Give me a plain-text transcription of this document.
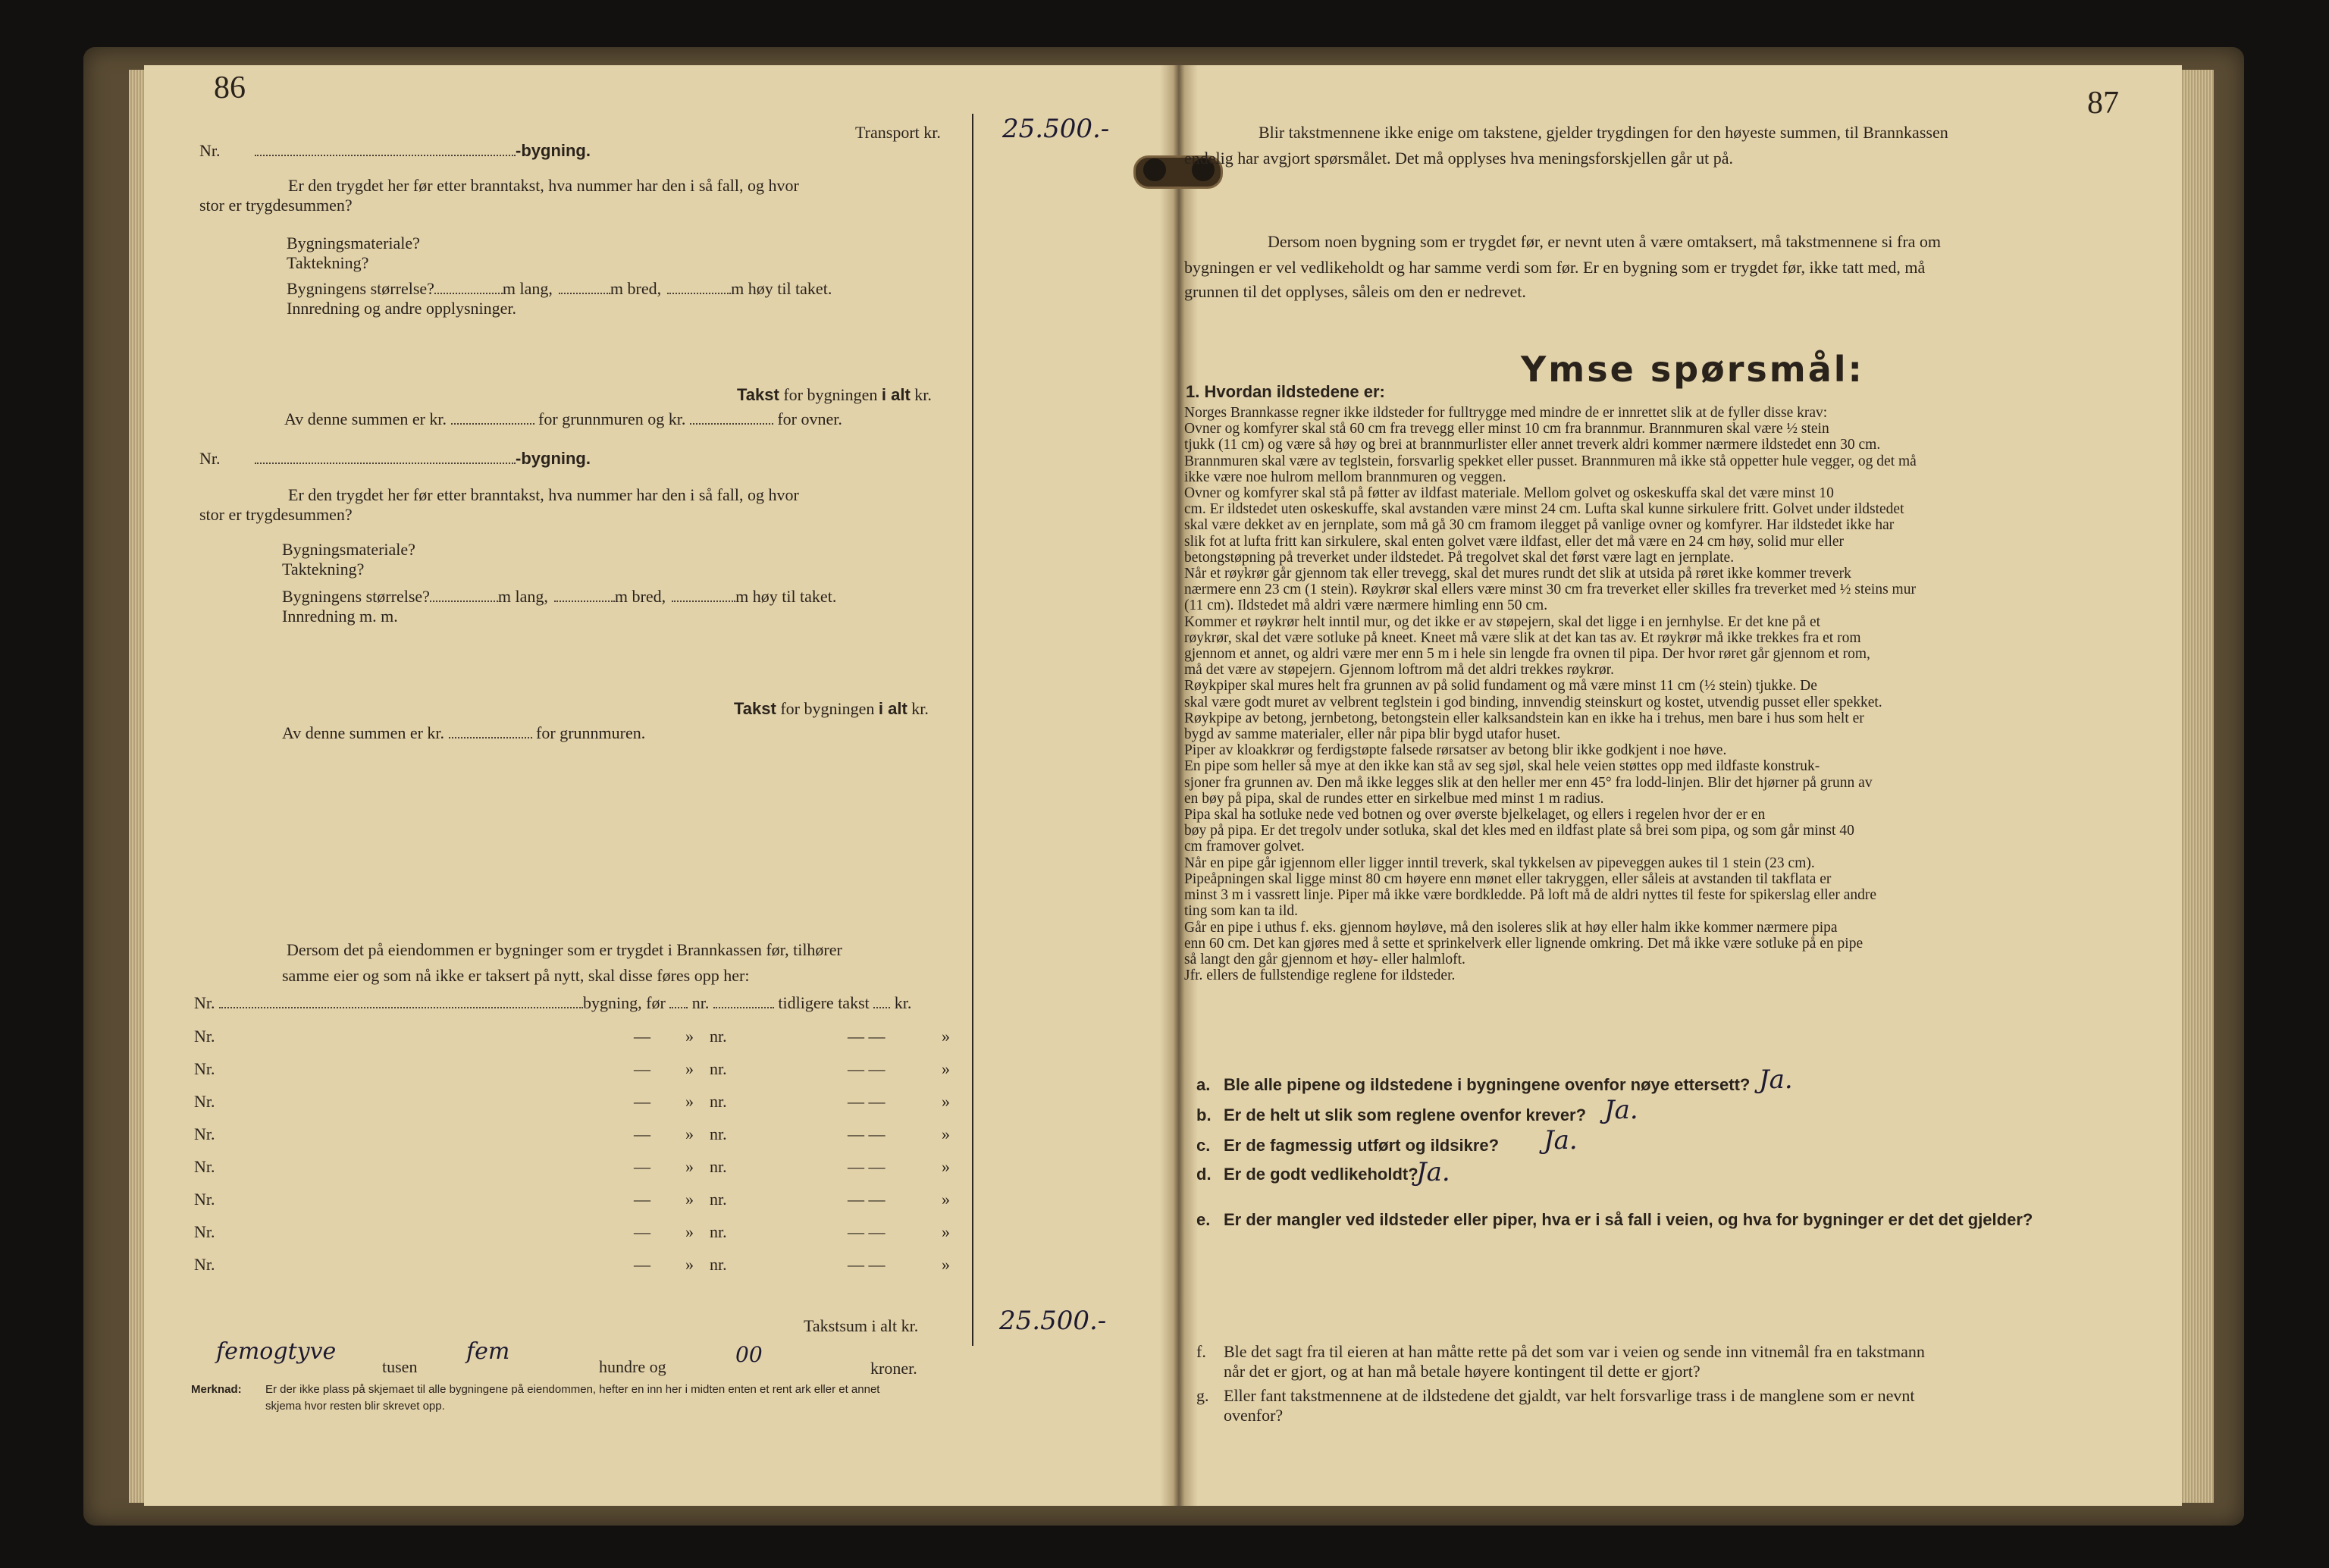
86
Transport kr. 25.500.-
Nr.	-bygning.
Er den trygdet her før etter branntakst, hva nummer har den i så fall, og hvor
stor er trygdesummen?
Bygningsmateriale?
Taktekning?
Bygningens størrelse?	m lang,	m bred,	m høy til taket.
Innredning og andre opplysninger.
Takst for bygningen i alt kr.
Av denne summen er kr.	for grunnmuren og kr.	for ovner.
Nr.	-bygning.
Er den trygdet her før etter branntakst, hva nummer har den i så fall, og hvor
stor er trygdesummen?
Bygningsmateriale?
Taktekning?
Bygningens størrelse?	m lang,	m bred,	m høy til taket.
Innredning m. m.
Takst for bygningen i alt kr.
Av denne summen er kr.	for grunnmuren.
Dersom det på eiendommen er bygninger som er trygdet i Brannkassen før, tilhører
samme eier og som nå ikke er taksert på nytt, skal disse føres opp her:
Nr.	bygning, før nr.	tidligere takst kr.
Nr.	— » nr.	— —	»
Nr.	— » nr.	— —	»
Nr.	— » nr.	— —	»
Nr.	— » nr.	— —	»
Nr.	— » nr.	— —	»
Nr.	— » nr.	— —	»
Nr.	— » nr.	— —	»
Nr.	— » nr.	— —	»
Takstsum i alt kr.	25.500.-
femogtyve
tusen
fem
hundre og	00
kroner.
Merknad: Er der ikke plass på skjemaet til alle bygningene på eiendommen, hefter en inn her i midten enten et rent ark eller et annet
skjema hvor resten blir skrevet opp.
87
Blir takstmennene ikke enige om takstene, gjelder trygdingen for den høyeste summen, til Brannkassen
endelig har avgjort spørsmålet. Det må opplyses hva meningsforskjellen går ut på.
Dersom noen bygning som er trygdet før, er nevnt uten å være omtaksert, må takstmennene si fra om
bygningen er vel vedlikeholdt og har samme verdi som før. Er en bygning som er trygdet før, ikke tatt med, må
grunnen til det opplyses, såleis om den er nedrevet.
Ymse spørsmål:
1. Hvordan ildstedene er:
Norges Brannkasse regner ikke ildsteder for fulltrygge med mindre de er innrettet slik at de fyller disse krav:
Ovner og komfyrer skal stå 60 cm fra trevegg eller minst 10 cm fra brannmur. Brannmuren skal være ½ stein
tjukk (11 cm) og være så høy og brei at brannmurlister eller annet treverk aldri kommer nærmere ildstedet enn 30 cm.
Brannmuren skal være av teglstein, forsvarlig spekket eller pusset. Brannmuren må ikke stå oppetter hule vegger, og det må
ikke være noe hulrom mellom brannmuren og veggen.
Ovner og komfyrer skal stå på føtter av ildfast materiale. Mellom golvet og oskeskuffa skal det være minst 10
cm. Er ildstedet uten oskeskuffe, skal avstanden være minst 24 cm. Lufta skal kunne sirkulere fritt. Golvet under ildstedet
skal være dekket av en jernplate, som må gå 30 cm framom ilegget på vanlige ovner og komfyrer. Har ildstedet ikke har
slik fot at lufta fritt kan sirkulere, skal enten golvet være ildfast, eller det må være en 24 cm høy, solid mur eller
betongstøpning på treverket under ildstedet. På tregolvet skal det først være lagt en jernplate.
Når et røykrør går gjennom tak eller trevegg, skal det mures rundt det slik at utsida på røret ikke kommer treverk
nærmere enn 23 cm (1 stein). Røykrør skal ellers være minst 30 cm fra treverket eller skilles fra treverket med ½ steins mur
(11 cm). Ildstedet må aldri være nærmere himling enn 50 cm.
Kommer et røykrør helt inntil mur, og det ikke er av støpejern, skal det ligge i en jernhylse. Er det kne på et
røykrør, skal det være sotluke på kneet. Kneet må være slik at det kan tas av. Et røykrør må ikke trekkes fra et rom
gjennom et annet, og aldri være mer enn 5 m i hele sin lengde fra ovnen til pipa. Der hvor røret går gjennom et rom,
må det være av støpejern. Gjennom loftrom må det aldri trekkes røykrør.
Røykpiper skal mures helt fra grunnen av på solid fundament og må være minst 11 cm (½ stein) tjukke. De
skal være godt muret av velbrent teglstein i god binding, innvendig steinskurt og kostet, utvendig pusset eller spekket.
Røykpipe av betong, jernbetong, betongstein eller kalksandstein kan en ikke ha i trehus, men bare i hus som helt er
bygd av samme materialer, eller når pipa blir bygd utafor huset.
Piper av kloakkrør og ferdigstøpte falsede rørsatser av betong blir ikke godkjent i noe høve.
En pipe som heller så mye at den ikke kan stå av seg sjøl, skal hele veien støttes opp med ildfaste konstruk-
sjoner fra grunnen av. Den må ikke legges slik at den heller mer enn 45° fra lodd-linjen. Blir det hjørner på grunn av
en bøy på pipa, skal de rundes etter en sirkelbue med minst 1 m radius.
Pipa skal ha sotluke nede ved botnen og over øverste bjelkelaget, og ellers i regelen hvor der er en
bøy på pipa. Er det tregolv under sotluka, skal det kles med en ildfast plate så brei som pipa, og som går minst 40
cm framover golvet.
Når en pipe går igjennom eller ligger inntil treverk, skal tykkelsen av pipeveggen aukes til 1 stein (23 cm).
Pipeåpningen skal ligge minst 80 cm høyere enn mønet eller takryggen, eller såleis at avstanden til takflata er
minst 3 m i vassrett linje. Piper må ikke være bordkledde. På loft må de aldri nyttes til feste for spikerslag eller andre
ting som kan ta ild.
Går en pipe i uthus f. eks. gjennom høyløve, må den isoleres slik at høy eller halm ikke kommer nærmere pipa
enn 60 cm. Det kan gjøres med å sette et sprinkelverk eller lignende omkring. Det må ikke være sotluke på en pipe
så langt den går gjennom et høy- eller halmloft.
Jfr. ellers de fullstendige reglene for ildsteder.
a. Ble alle pipene og ildstedene i bygningene ovenfor nøye ettersett? Ja.
b. Er de helt ut slik som reglene ovenfor krever? Ja.
c. Er de fagmessig utført og ildsikre? Ja.
d. Er de godt vedlikeholdt?
Ja.
e. Er der mangler ved ildsteder eller piper, hva er i så fall i veien, og hva for bygninger er det det gjelder?
f. Ble det sagt fra til eieren at han måtte rette på det som var i veien og sende inn vitnemål fra en takstmann
når det er gjort, og at han må betale høyere kontingent til dette er gjort?
g. Eller fant takstmennene at de ildstedene det gjaldt, var helt forsvarlige trass i de manglene som er nevnt
ovenfor?
